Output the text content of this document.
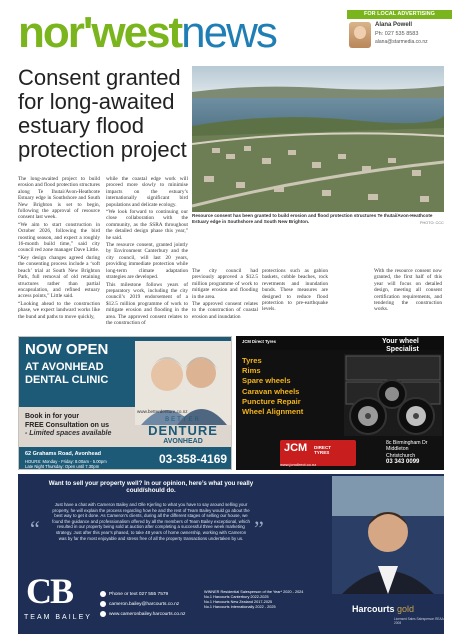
nor'westnews	FOR LOCAL ADVERTISING
Alana Powell
Ph: 027 535 8583
alana@starmedia.co.nz
Consent granted for long-awaited estuary flood protection project
Resource consent has been granted to build erosion and flood protection structures Te Ihutai/Avon-Heathcote Estuary edge in Southshore and South New Brighton.	PHOTO: CCC

The long-awaited project to build erosion and flood protection structures along Te Ihutai/Avon-Heathcote Estuary edge in Southshore and South New Brighton is set to begin, following the approval of resource consent last week.

“We aim to start construction in October 2026, following the bird roosting season, and expect a roughly 16-month build time,” said city council red zone manager Dave Little.

“Key design changes agreed during the consenting process include a ‘soft beach’ trial at South New Brighton Park, full removal of old retaining structures rather than partial encapsulation, and refined estuary access points,” Little said.

“Looking ahead to the construction phase, we expect landward works like the bund and paths to move quickly,

while the coastal edge work will proceed more slowly to minimise impacts on the estuary’s internationally significant bird populations and delicate ecology.

“We look forward to continuing our close collaboration with the community, as the SSRA throughout the detailed design phase this year,” he said.

The resource consent, granted jointly by Environment Canterbury and the city council, will last 20 years, providing immediate protection while long-term climate adaptation strategies are developed.

This milestone follows years of preparatory work, including the city council’s 2019 endorsement of a $12.5 million programme of work to mitigate erosion and flooding in the area. The approved consent relates to the construction of

The city council had previously approved a $12.5 million programme of work to mitigate erosion and flooding in the area.

The approved consent relates to the construction of coastal erosion and inundation

protections such as gabion baskets, cobble beaches, rock revetments and inundation bunds. These measures are designed to reduce flood protection to pre-earthquake levels.

With the resource consent now granted, the first half of this year will focus on detailed design, meeting all consent certification requirements, and tendering the construction works.

NOW OPEN
AT AVONHEAD
DENTAL CLINIC
Book in for your
FREE Consultation on us
- Limited spaces available
www.betterdenture.co.nz
BETTER
DENTURE
AVONHEAD
62 Grahams Road, Avonhead
HOURS: Monday - Friday: 8.00am - 5.00pm
Late Night Thursday: Open until 7.30pm
03-358-4169
JCM Direct Tyres	Your wheel
Specialist
Tyres
Rims
Spare wheels
Caravan wheels
Puncture Repair
Wheel Alignment
JCM DIRECT
TYRES
www.jcmdirect.co.nz
8c Birmingham Dr
Middleton
Christchurch
03 343 0099
Want to sell your property well? In our opinion, here’s what you really could/should do.
“
Just have a chat with Cameron Bailey and Olle Kjerling to what you have to say around selling your property, he will explain the process regarding how he and the rest of Team Bailey would go about the best way to get it done. As Cameron’s clients, during all the different stages of selling our house, we found the guidance and professionalism offered by all the members of Team Bailey exceptional, which resulted in our property being sold at auction after completing a successful three week marketing strategy. Just after this year’s phased, to take 48 years of home ownership, working with Cameron was by far the most enjoyable and stress free of all the property transactions undertaken by us. ”
CB
TEAM BAILEY
Phone or text 027 555 7579
cameron.bailey@harcourts.co.nz
www.cameronbailey.harcourts.co.nz
WINNER Residential Salesperson of the Year* 2020 - 2024
No.1 Harcourts Canterbury 2022-2025
No.1 Harcourts New Zealand 2017-2025
No.1 Harcourts Internationally 2022 - 2025	Harcourts gold
Licensed Sales Salesperson REAA 2008
